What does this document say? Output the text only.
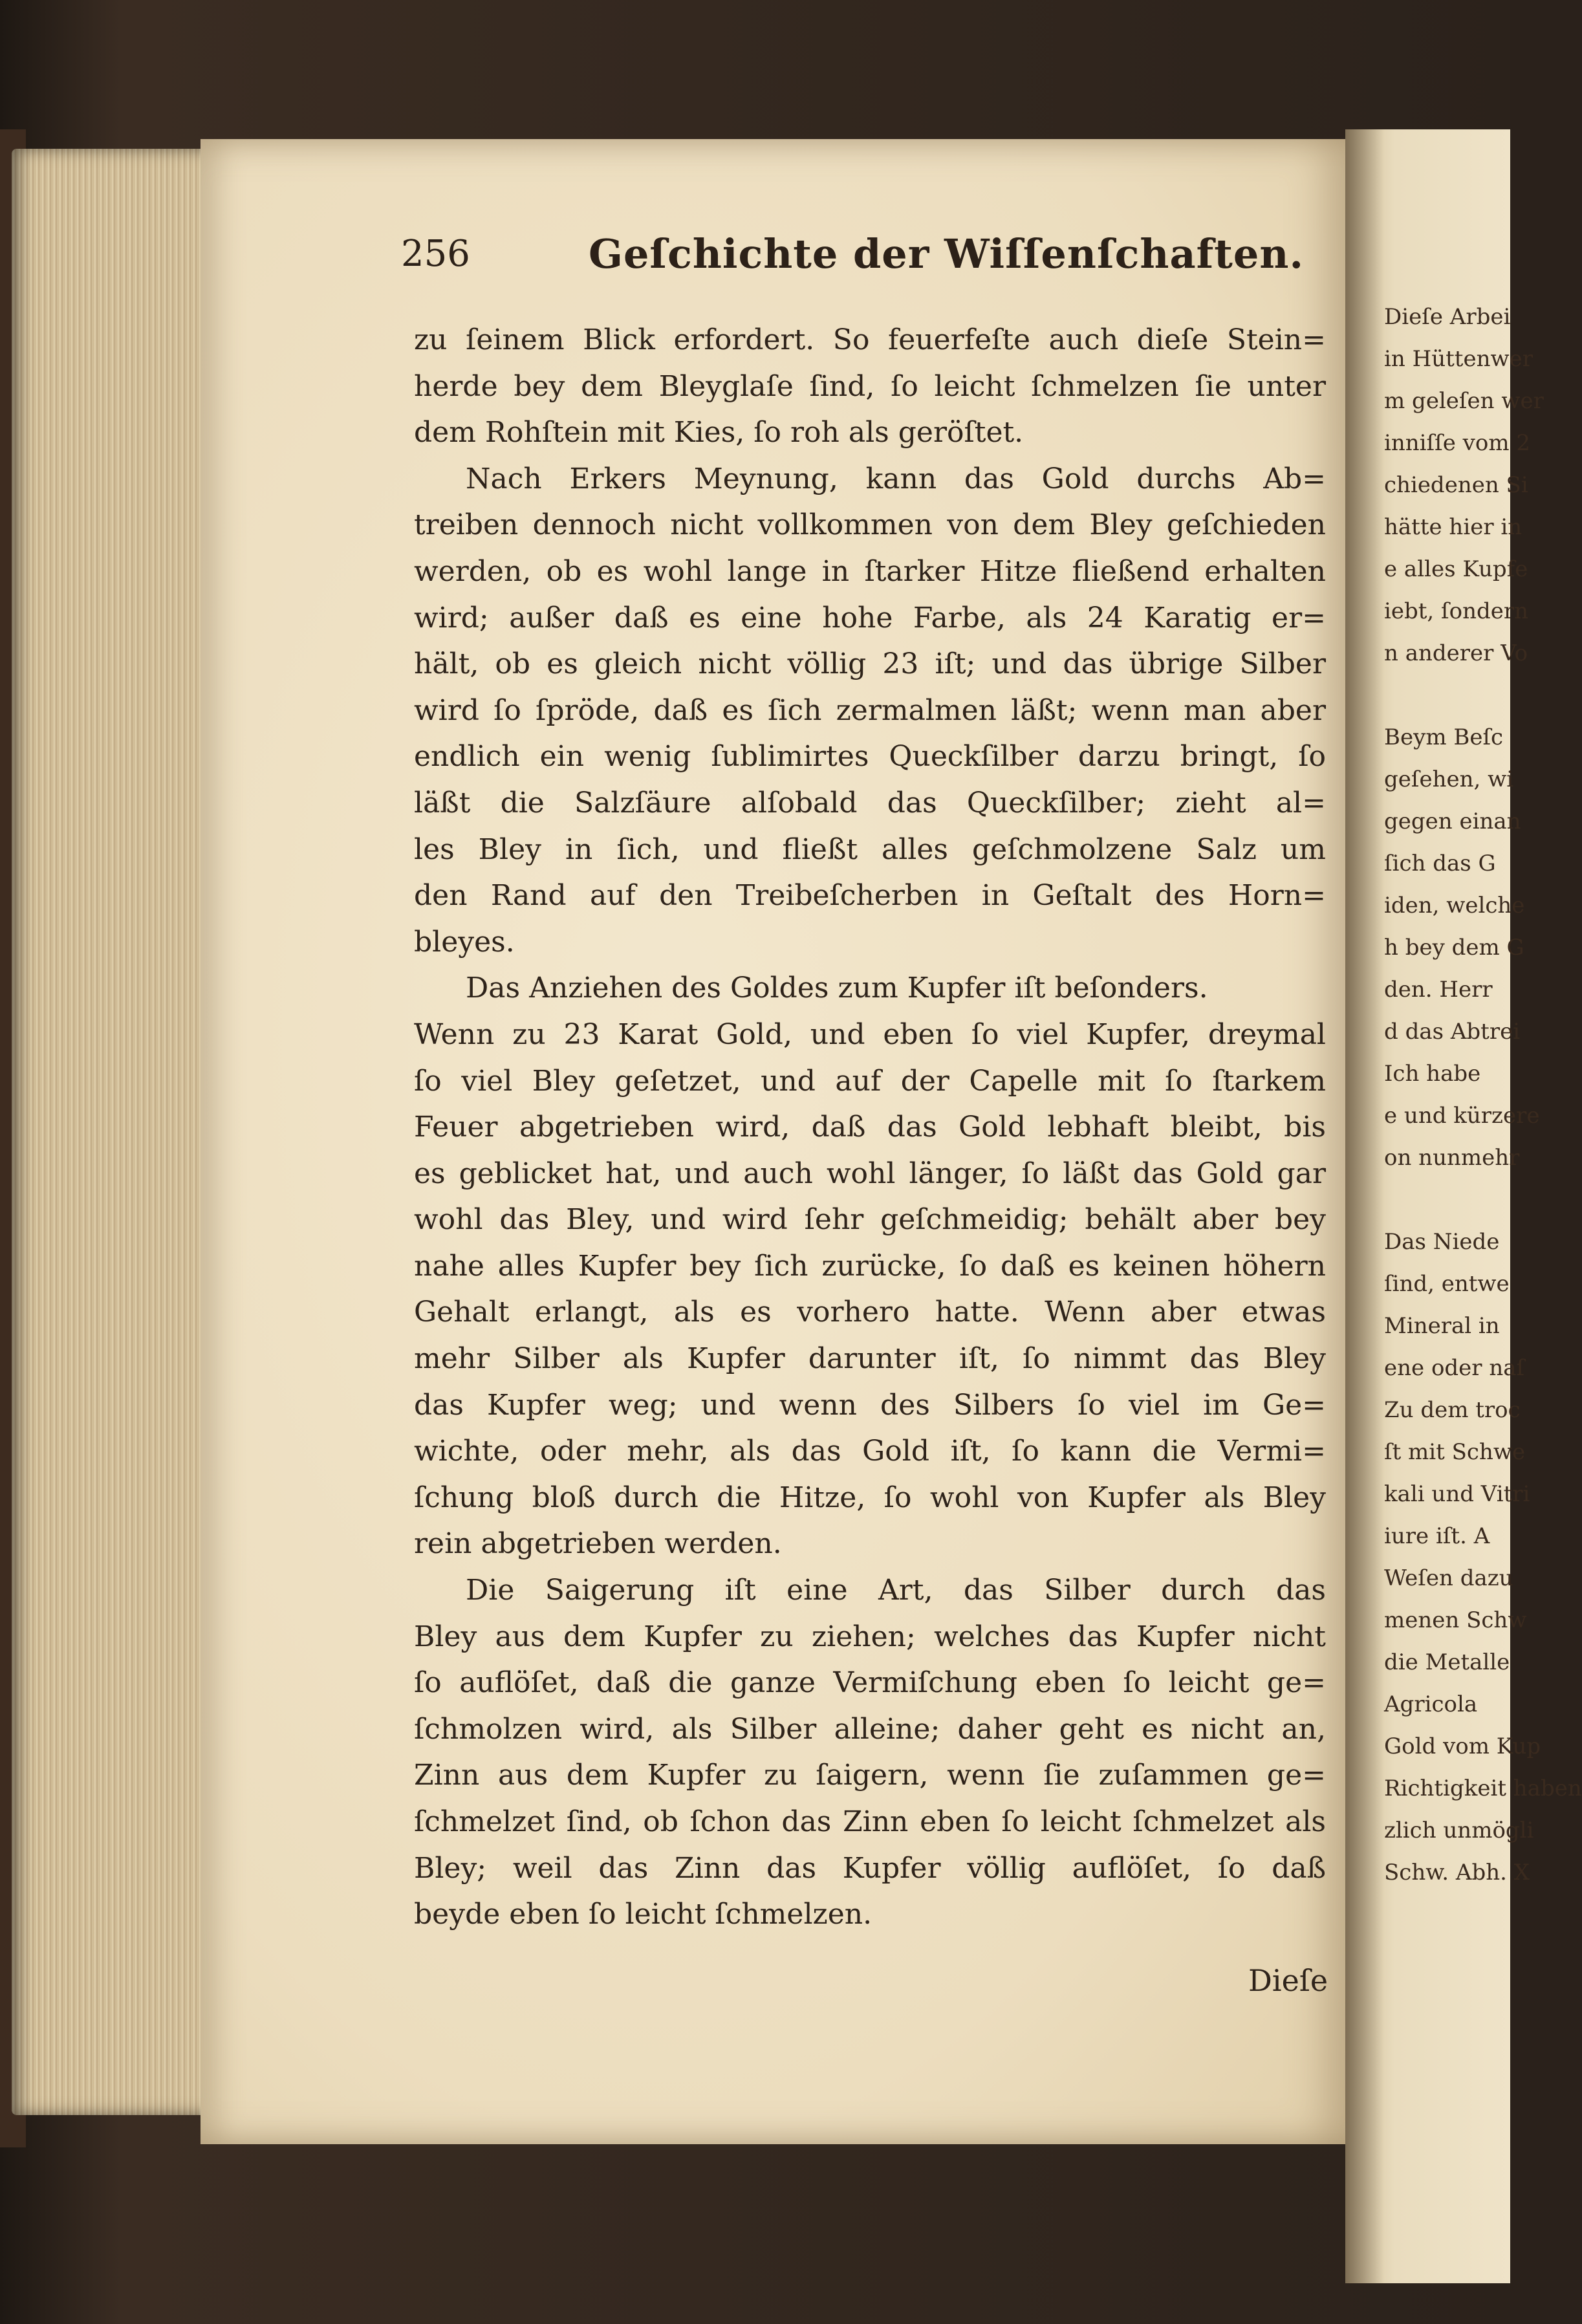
256	Geſchichte der Wiſſenſchaften.
zu ſeinem Blick erfordert. So feuerfeſte auch dieſe Stein=
herde bey dem Bleyglaſe ſind, ſo leicht ſchmelzen ſie unter
dem Rohſtein mit Kies, ſo roh als geröſtet.
Nach Erkers Meynung, kann das Gold durchs Ab=
treiben dennoch nicht vollkommen von dem Bley geſchieden
werden, ob es wohl lange in ſtarker Hitze fließend erhalten
wird; außer daß es eine hohe Farbe, als 24 Karatig er=
hält, ob es gleich nicht völlig 23 iſt; und das übrige Silber
wird ſo ſpröde, daß es ſich zermalmen läßt; wenn man aber
endlich ein wenig ſublimirtes Queckſilber darzu bringt, ſo
läßt die Salzſäure alſobald das Queckſilber; zieht al=
les Bley in ſich, und fließt alles geſchmolzene Salz um
den Rand auf den Treibeſcherben in Geſtalt des Horn=
bleyes.
Das Anziehen des Goldes zum Kupfer iſt beſonders.
Wenn zu 23 Karat Gold, und eben ſo viel Kupfer, dreymal
ſo viel Bley geſetzet, und auf der Capelle mit ſo ſtarkem
Feuer abgetrieben wird, daß das Gold lebhaft bleibt, bis
es geblicket hat, und auch wohl länger, ſo läßt das Gold gar
wohl das Bley, und wird ſehr geſchmeidig; behält aber bey
nahe alles Kupfer bey ſich zurücke, ſo daß es keinen höhern
Gehalt erlangt, als es vorhero hatte. Wenn aber etwas
mehr Silber als Kupfer darunter iſt, ſo nimmt das Bley
das Kupfer weg; und wenn des Silbers ſo viel im Ge=
wichte, oder mehr, als das Gold iſt, ſo kann die Vermi=
ſchung bloß durch die Hitze, ſo wohl von Kupfer als Bley
rein abgetrieben werden.
Die Saigerung iſt eine Art, das Silber durch das
Bley aus dem Kupfer zu ziehen; welches das Kupfer nicht
ſo auflöſet, daß die ganze Vermiſchung eben ſo leicht ge=
ſchmolzen wird, als Silber alleine; daher geht es nicht an,
Zinn aus dem Kupfer zu ſaigern, wenn ſie zuſammen ge=
ſchmelzet ſind, ob ſchon das Zinn eben ſo leicht ſchmelzet als
Bley; weil das Zinn das Kupfer völlig auflöſet, ſo daß
beyde eben ſo leicht ſchmelzen.
Dieſe
Dieſe Arbei
in Hüttenwer
m geleſen wer
inniſſe vom 2
chiedenen Si
hätte hier in
e alles Kupfe
iebt, ſondern
n anderer Vo
Beym Beſc
geſehen, wi
gegen einan
ſich das G
iden, welche
h bey dem G
den. Herr
d das Abtrei
Ich habe
e und kürzere
on nunmehr
Das Niede
ſind, entwe
Mineral in
ene oder naſ
Zu dem troc
ſt mit Schwe
kali und Vitri
iure iſt. A
Weſen dazu
menen Schw
die Metalle
Agricola
Gold vom Kup
Richtigkeit haben
zlich unmögli
Schw. Abh. X
